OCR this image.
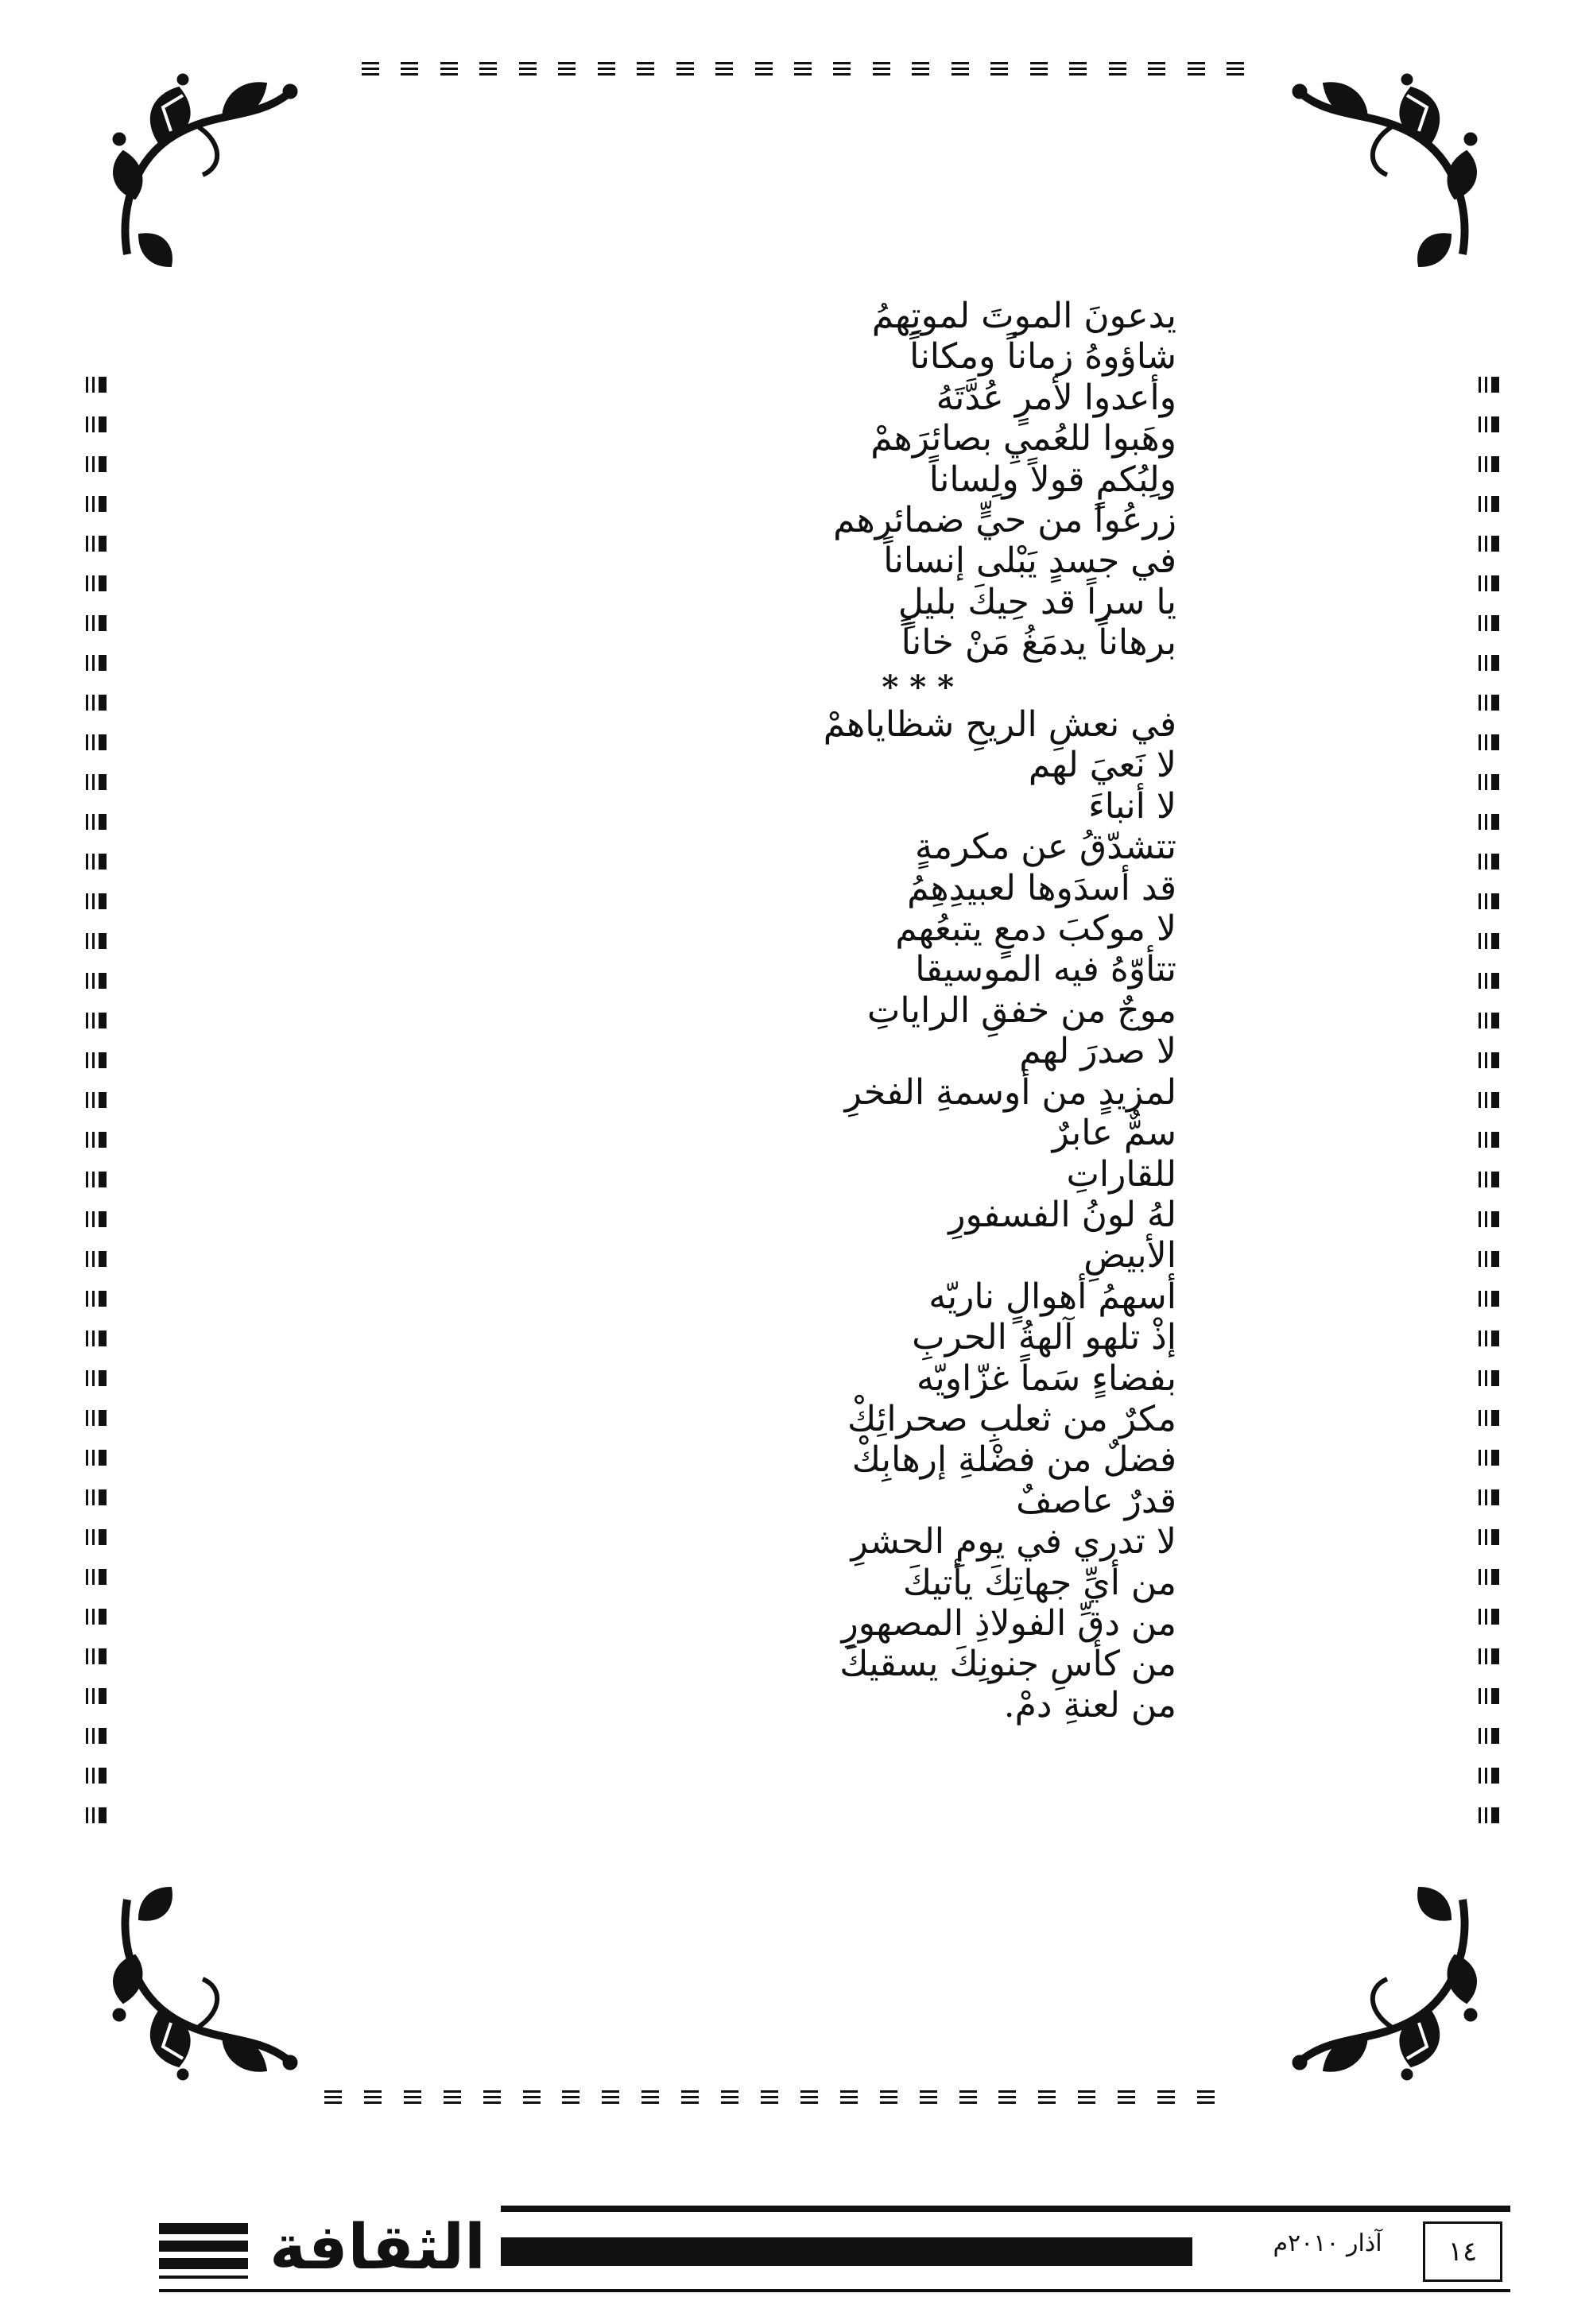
يدعونَ الموتَ لموتِهمُ
شاؤوهُ زماناً ومكاناً
وأعدوا لأمرٍ عُدَّتَهُ
وهَبوا للعُميِ بصائرَهمْ
ولِبُكمٍ قولاً ولِساناً
زرعُوا من حيٍّ ضمائرهم
في جسدٍ يَبْلى إنساناً
يا سراً قد حِيكَ بليلٍ
برهاناً يدمَغُ مَنْ خاناً
* * *
في نعشِ الريحِ شظاياهمْ
لا نَعيَ لهم
لا أنباءَ
تتشدّقُ عن مكرمةٍ
قد أسدَوها لعبيدِهِمُ
لا موكبَ دمعٍ يتبعُهم
تتأوّهُ فيه الموسيقا
موجٌ من خفقِ الراياتِ
لا صدرَ لهم
لمزيدٍ من أوسمةِ الفخرِ
سمٌّ عابرٌ
للقاراتِ
لهُ لونُ الفسفورِ
الأبيضِ
أسهمُ أهوالٍ ناريّه
إذْ تلهو آلهةُ الحربِ
بفضاءٍ سَماً غزّاويّه
مكرٌ من ثعلبِ صحرائِكْ
فضلٌ من فضْلةِ إرهابِكْ
قدرٌ عاصفٌ
لا تدري في يومِ الحشرِ
من أيِّ جهاتِكَ يأتيكَ
من دقِّ الفولاذِ المصهورِ
من كأسِ جنونِكَ يسقيكَ
من لعنةِ دمْ.
الثقافة	آذار ٢٠١٠م	١٤
